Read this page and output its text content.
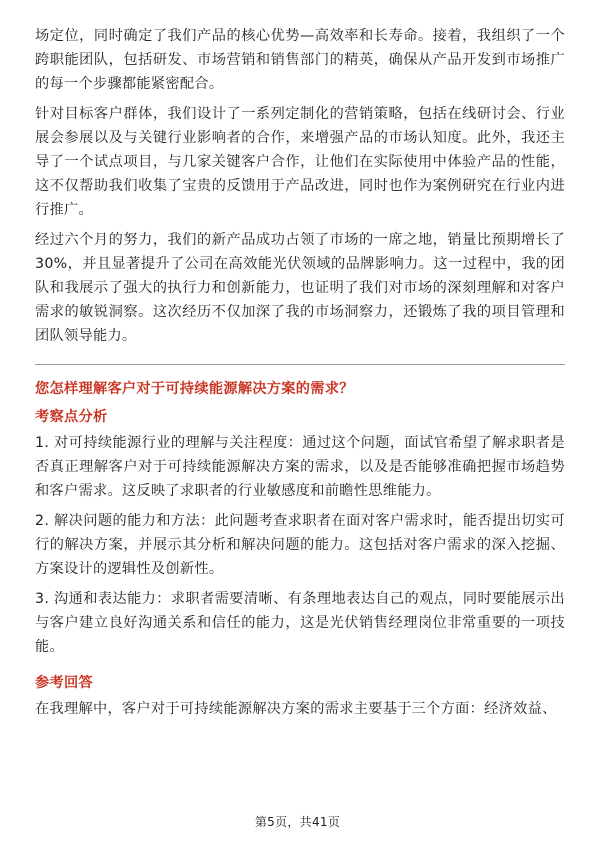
场定位，同时确定了我们产品的核心优势—高效率和长寿命。接着，我组织了一个跨职能团队，包括研发、市场营销和销售部门的精英，确保从产品开发到市场推广的每一个步骤都能紧密配合。

针对目标客户群体，我们设计了一系列定制化的营销策略，包括在线研讨会、行业展会参展以及与关键行业影响者的合作，来增强产品的市场认知度。此外，我还主导了一个试点项目，与几家关键客户合作，让他们在实际使用中体验产品的性能，这不仅帮助我们收集了宝贵的反馈用于产品改进，同时也作为案例研究在行业内进行推广。

经过六个月的努力，我们的新产品成功占领了市场的一席之地，销量比预期增长了30%，并且显著提升了公司在高效能光伏领域的品牌影响力。这一过程中，我的团队和我展示了强大的执行力和创新能力，也证明了我们对市场的深刻理解和对客户需求的敏锐洞察。这次经历不仅加深了我的市场洞察力，还锻炼了我的项目管理和团队领导能力。

您怎样理解客户对于可持续能源解决方案的需求？

考察点分析

1. 对可持续能源行业的理解与关注程度：通过这个问题，面试官希望了解求职者是否真正理解客户对于可持续能源解决方案的需求，以及是否能够准确把握市场趋势和客户需求。这反映了求职者的行业敏感度和前瞻性思维能力。

2. 解决问题的能力和方法：此问题考查求职者在面对客户需求时，能否提出切实可行的解决方案，并展示其分析和解决问题的能力。这包括对客户需求的深入挖掘、方案设计的逻辑性及创新性。

3. 沟通和表达能力：求职者需要清晰、有条理地表达自己的观点，同时要能展示出与客户建立良好沟通关系和信任的能力，这是光伏销售经理岗位非常重要的一项技能。

参考回答

在我理解中，客户对于可持续能源解决方案的需求主要基于三个方面：经济效益、

第5页，共41页
